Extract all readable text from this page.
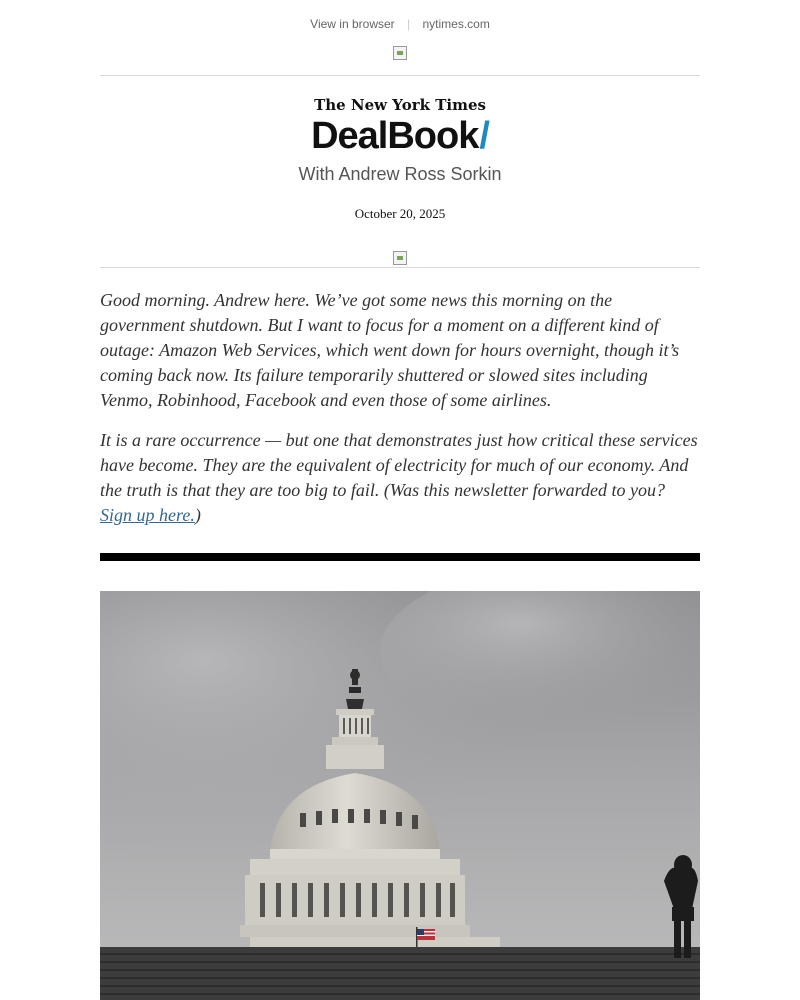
View in browser | nytimes.com
The New York Times
DealBook/
With Andrew Ross Sorkin
October 20, 2025

Good morning. Andrew here. We’ve got some news this morning on the government shutdown. But I want to focus for a moment on a different kind of outage: Amazon Web Services, which went down for hours overnight, though it’s coming back now. Its failure temporarily shuttered or slowed sites including Venmo, Robinhood, Facebook and even those of some airlines.

It is a rare occurrence — but one that demonstrates just how critical these services have become. They are the equivalent of electricity for much of our economy. And the truth is that they are too big to fail. (Was this newsletter forwarded to you? Sign up here.)
